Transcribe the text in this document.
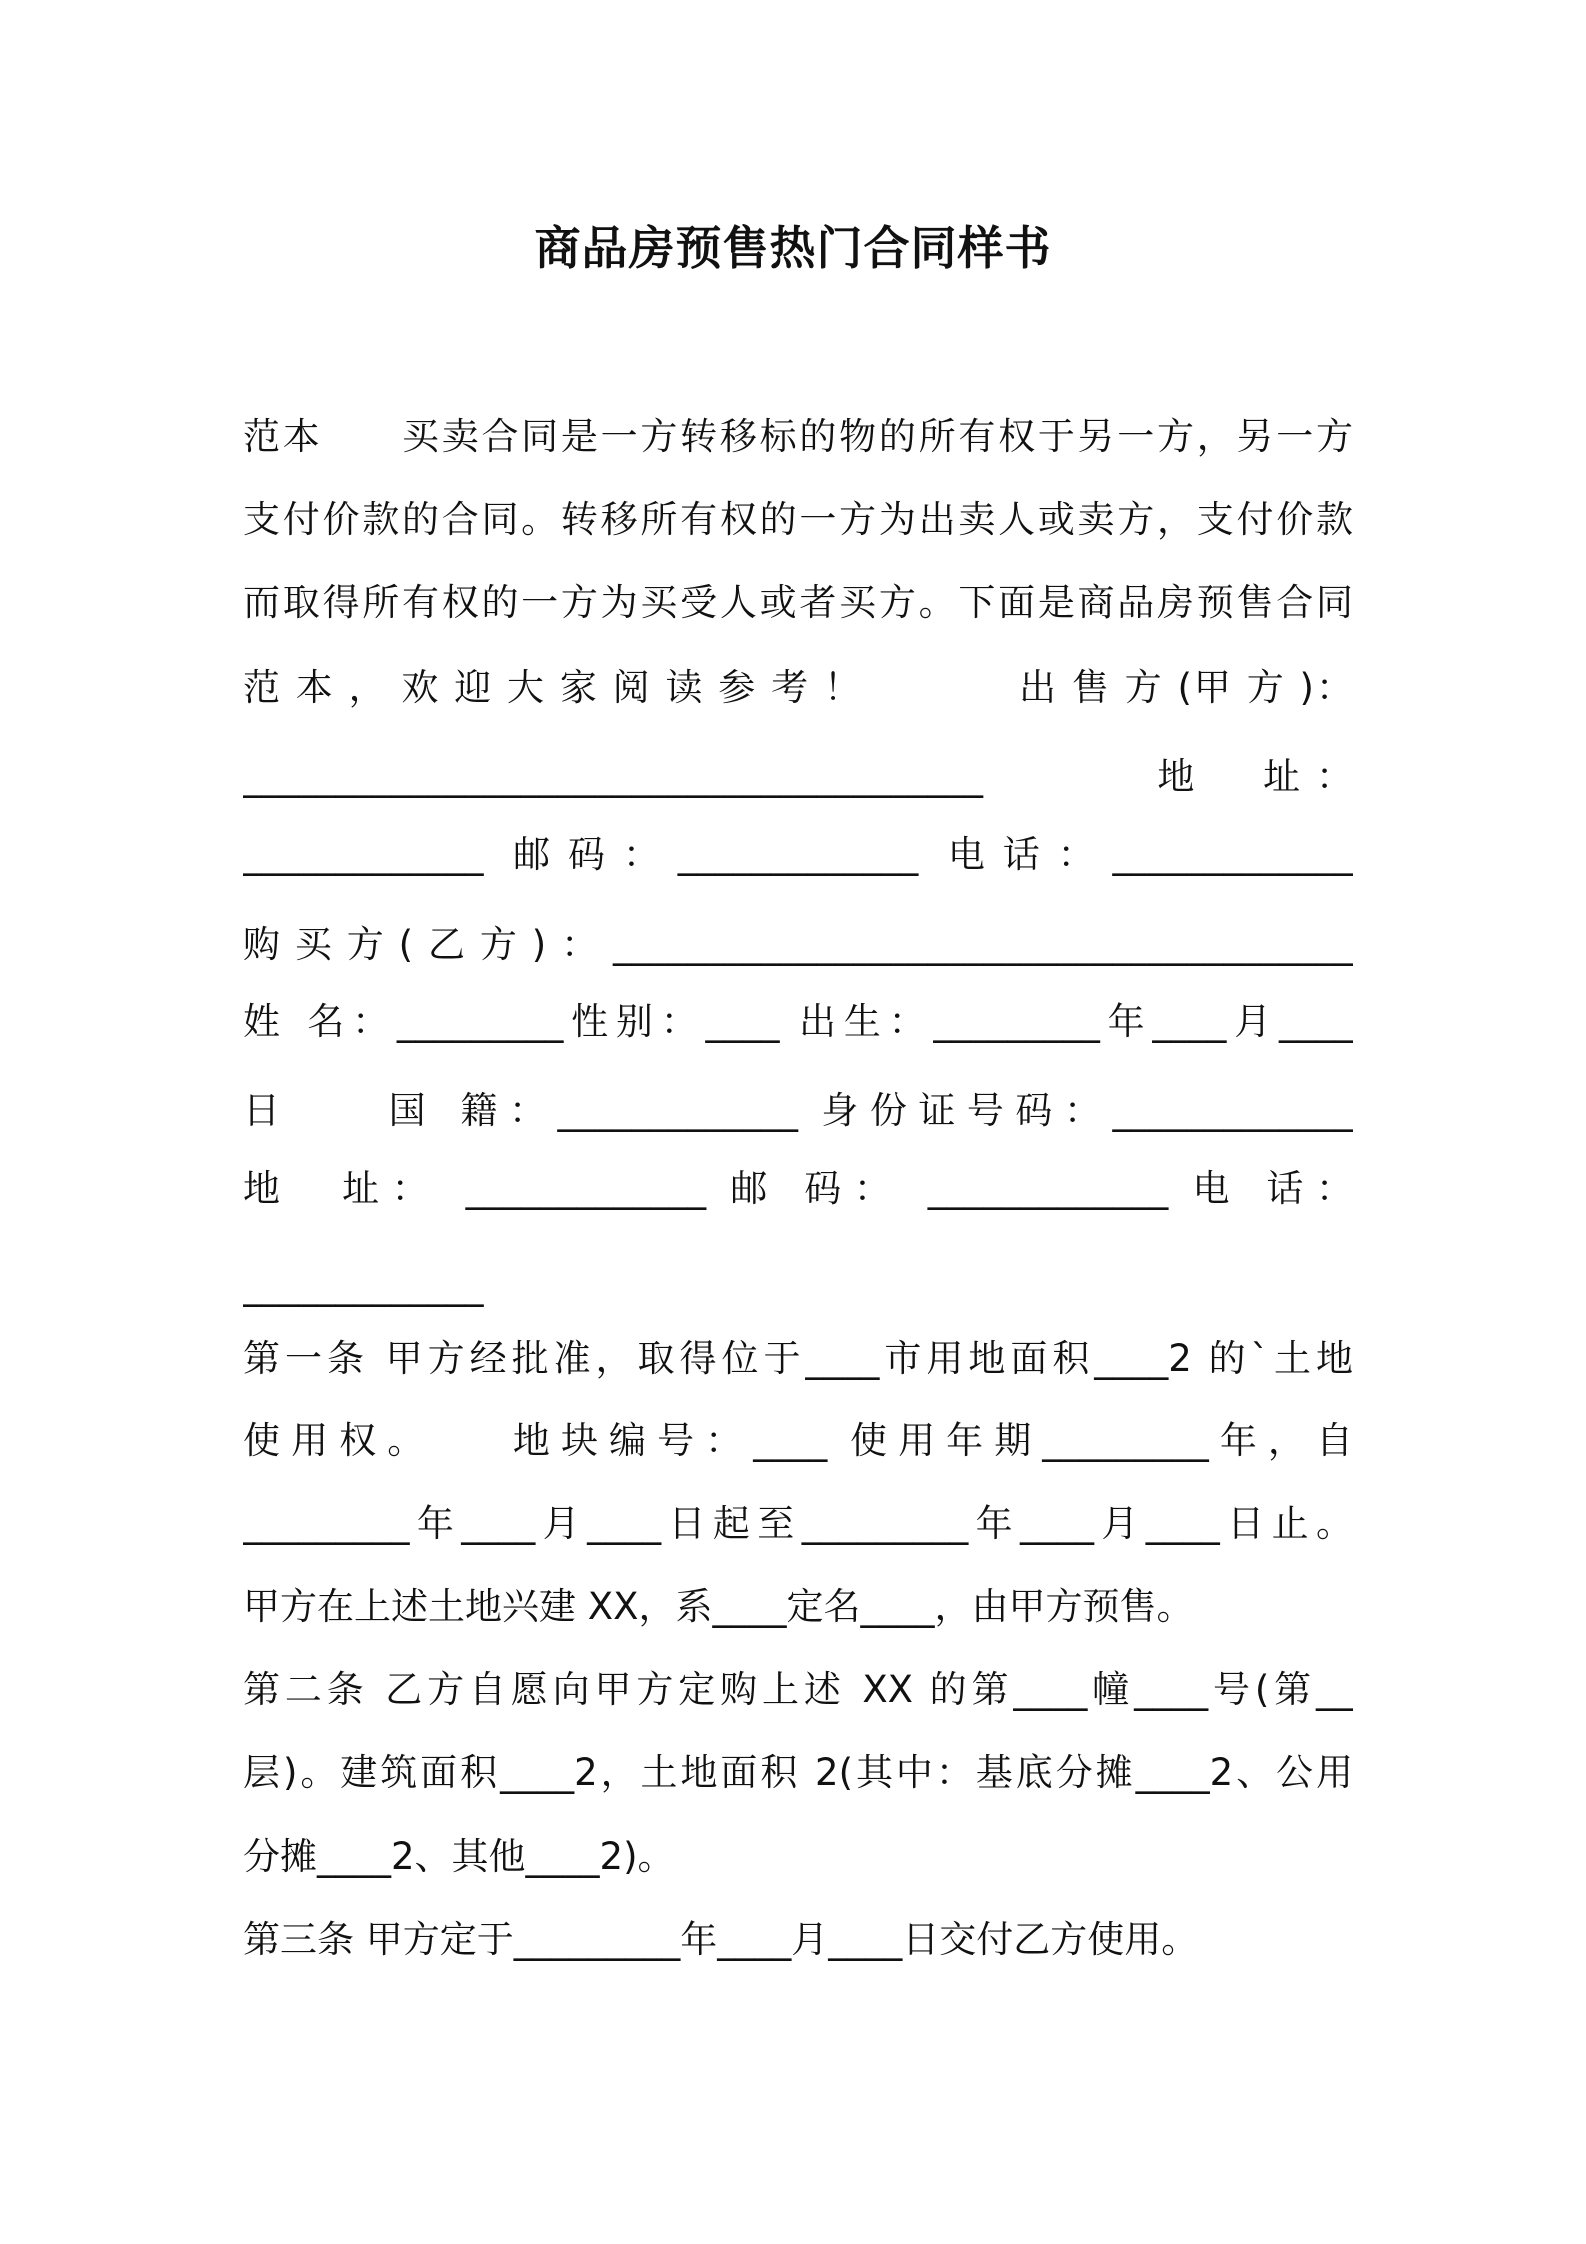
商品房预售热门合同样书
范本　　买卖合同是一方转移标的物的所有权于另一方，另一方
支付价款的合同。转移所有权的一方为出卖人或卖方，支付价款
而取得所有权的一方为买受人或者买方。下面是商品房预售合同
范 本 ， 欢 迎 大 家 阅 读 参 考 ！　　　　出 售 方 (甲 方 )：
________________________________________　　　地　址：
_____________ 邮码：_____________ 电话：_____________
购买方(乙方)：________________________________________
姓 名：_________性别：____ 出生：_________年____月____
日　　国 籍：_____________ 身份证号码：_____________
地　址： _____________ 邮 码： _____________ 电 话：
_____________
第一条 甲方经批准，取得位于____市用地面积____2 的`土地
使用权。　　地块编号：____ 使用年期_________年，自
_________年____月____日起至_________年____月____日止。
甲方在上述土地兴建 XX，系____定名____，由甲方预售。
第二条 乙方自愿向甲方定购上述 XX 的第____幢____号(第__
层)。建筑面积____2，土地面积 2(其中：基底分摊____2、公用
分摊____2、其他____2)。
第三条 甲方定于_________年____月____日交付乙方使用。
